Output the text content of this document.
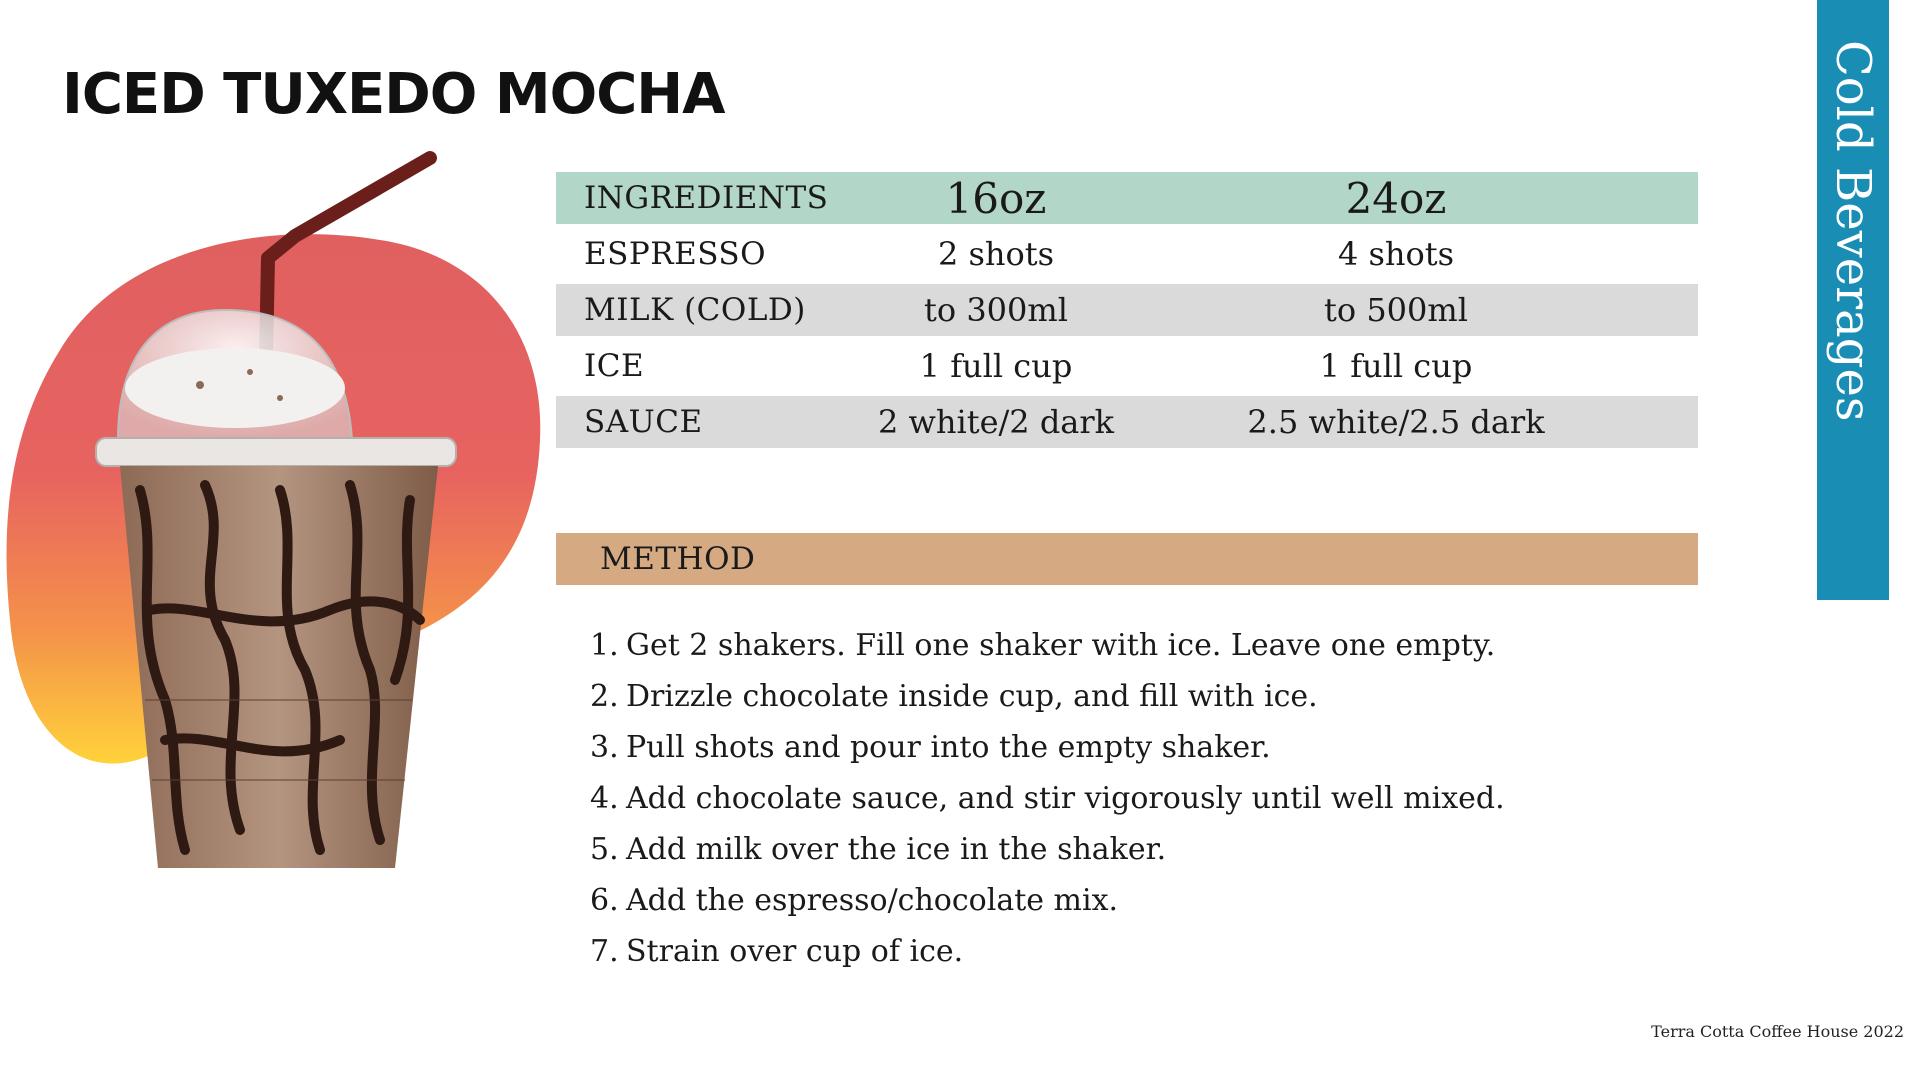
ICED TUXEDO MOCHA	Cold Beverages
INGREDIENTS	16oz	24oz
ESPRESSO	2 shots	4 shots
MILK (COLD)	to 300ml	to 500ml
ICE	1 full cup	1 full cup
SAUCE	2 white/2 dark	2.5 white/2.5 dark
METHOD
1. Get 2 shakers. Fill one shaker with ice. Leave one empty.
2. Drizzle chocolate inside cup, and fill with ice.
3. Pull shots and pour into the empty shaker.
4. Add chocolate sauce, and stir vigorously until well mixed.
5. Add milk over the ice in the shaker.
6. Add the espresso/chocolate mix.
7. Strain over cup of ice.
Terra Cotta Coffee House 2022
